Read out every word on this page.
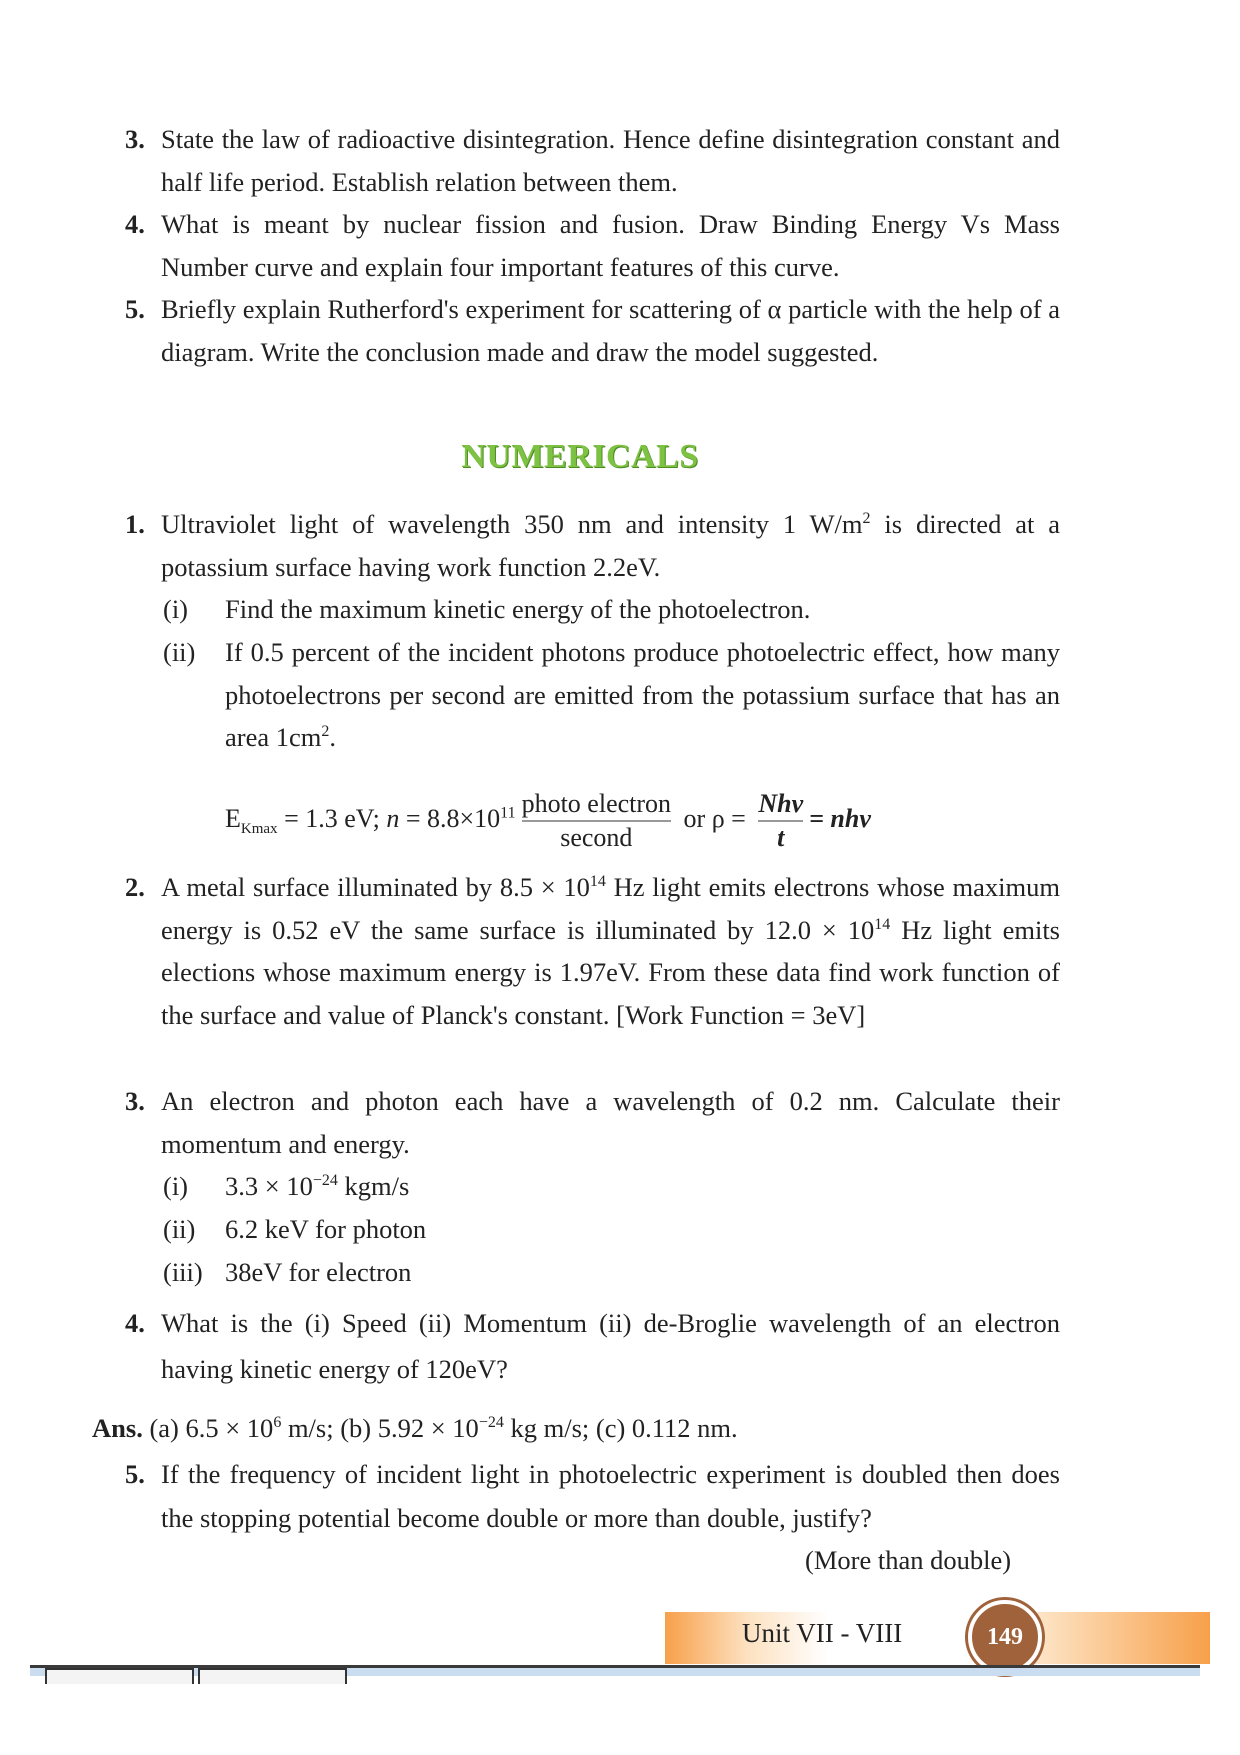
3. State the law of radioactive disintegration. Hence define disintegration constant and half life period. Establish relation between them.
4. What is meant by nuclear fission and fusion. Draw Binding Energy Vs Mass Number curve and explain four important features of this curve.
5. Briefly explain Rutherford's experiment for scattering of α particle with the help of a diagram. Write the conclusion made and draw the model suggested.
NUMERICALS
1. Ultraviolet light of wavelength 350 nm and intensity 1 $W/m^2$ is directed at a potassium surface having work function 2.2eV.
(i) Find the maximum kinetic energy of the photoelectron.
(ii) If 0.5 percent of the incident photons produce photoelectric effect, how many photoelectrons per second are emitted from the potassium surface that has an area $1cm^2$.
$E_{Kmax} = 1.3$ eV; $n = 8.8\times 10^{11} \frac{\text{photo electron}}{\text{second}}$ or $\rho = \frac{\text{Nhν}}{t} = nh\nu$
2. A metal surface illuminated by $8.5 \times 10^{14}$ Hz light emits electrons whose maximum energy is 0.52 eV the same surface is illuminated by $12.0 \times 10^{14}$ Hz light emits elections whose maximum energy is 1.97eV. From these data find work function of the surface and value of Planck's constant. [Work Function = 3eV]
3. An electron and photon each have a wavelength of 0.2 nm. Calculate their momentum and energy.
(i) $3.3 \times 10^{-24}$ kgm/s
(ii) 6.2 keV for photon
(iii) 38eV for electron
4. What is the (i) Speed (ii) Momentum (ii) de-Broglie wavelength of an electron having kinetic energy of 120eV?
Ans. (a) $6.5 \times 10^6$ m/s; (b) $5.92 \times 10^{-24}$ kg m/s; (c) 0.112 nm.
5. If the frequency of incident light in photoelectric experiment is doubled then does the stopping potential become double or more than double, justify?
(More than double)
Unit VII - VIII	149
